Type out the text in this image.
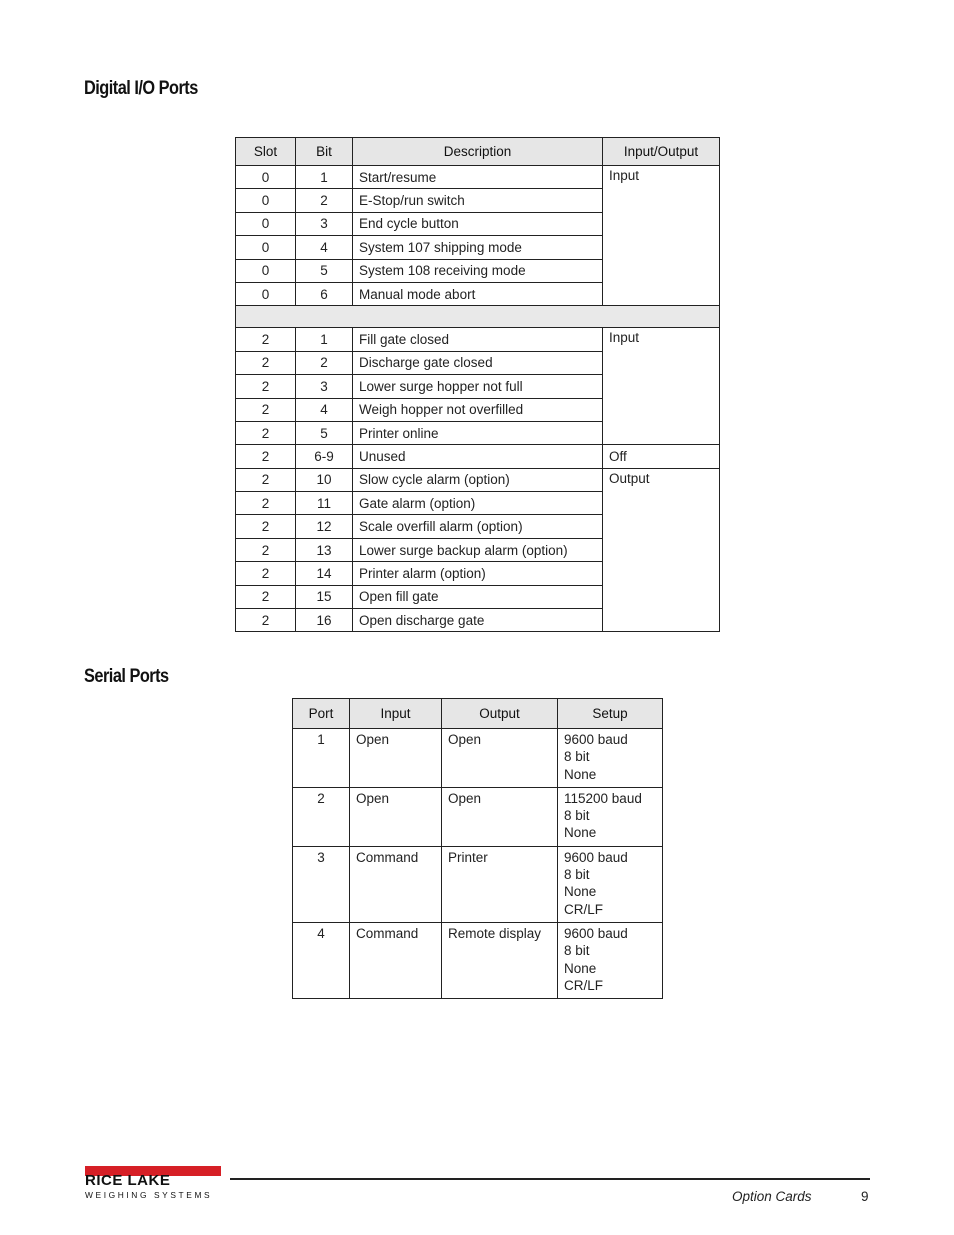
Digital I/O Ports
Slot	Bit	Description	Input/Output
0	1	Start/resume	Input
0	2	E-Stop/run switch	
0	3	End cycle button	
0	4	System 107 shipping mode	
0	5	System 108 receiving mode	
0	6	Manual mode abort	

2	1	Fill gate closed	Input
2	2	Discharge gate closed	
2	3	Lower surge hopper not full	
2	4	Weigh hopper not overfilled	
2	5	Printer online	
2	6-9	Unused	Off
2	10	Slow cycle alarm (option)	Output
2	11	Gate alarm (option)	
2	12	Scale overfill alarm (option)	
2	13	Lower surge backup alarm (option)	
2	14	Printer alarm (option)	
2	15	Open fill gate	
2	16	Open discharge gate	
Serial Ports
Port	Input	Output	Setup
1	Open	Open	9600 baud
8 bit
None

2	Open	Open	115200 baud
8 bit
None

3	Command	Printer	9600 baud
8 bit
None
CR/LF

4	Command	Remote display	9600 baud
8 bit
None
CR/LF
RICE LAKE
WEIGHING SYSTEMS	Option Cards	9
